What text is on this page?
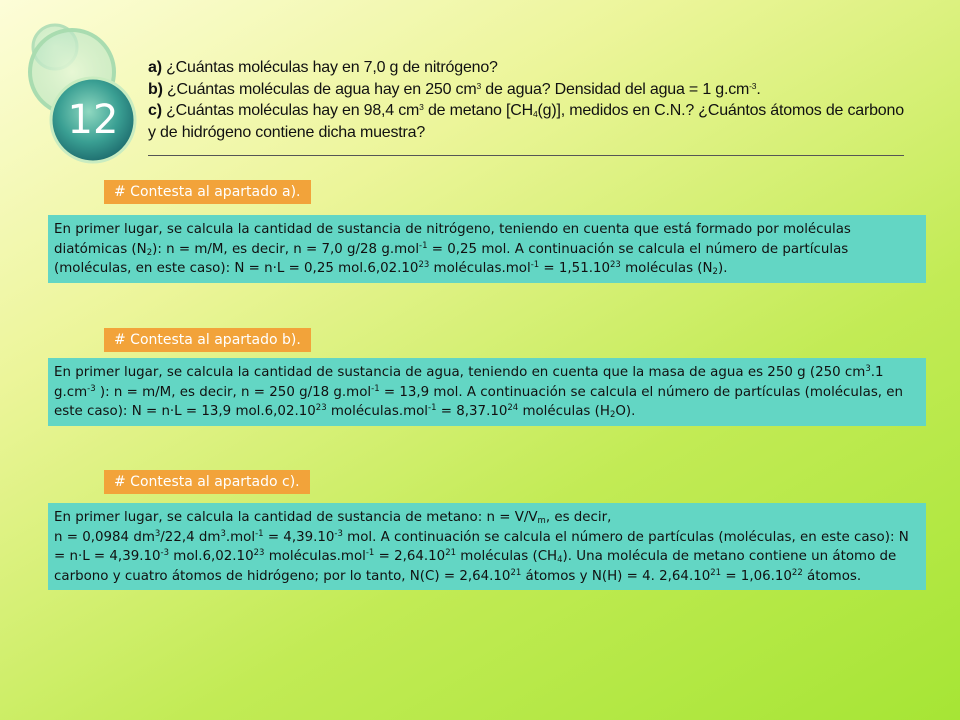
12

a) ¿Cuántas moléculas hay en 7,0 g de nitrógeno?

b) ¿Cuántas moléculas de agua hay en 250 $cm^3$ de agua? Densidad del agua = 1 $g.cm^{-3}$.

c) ¿Cuántas moléculas hay en 98,4 $cm^3$ de metano $[CH_4(g)]$, medidos en C.N.? ¿Cuántos átomos de carbono y de hidrógeno contiene dicha muestra?

# Contesta al apartado a).

En primer lugar, se calcula la cantidad de sustancia de nitrógeno, teniendo en cuenta que está formado por moléculas diatómicas $(N_2)$: n = m/M, es decir, n = 7,0 g/28 g.mol$^{-1}$ = 0,25 mol. A continuación se calcula el número de partículas (moléculas, en este caso): N = n·L = 0,25 mol.6,02.10$^{23}$ moléculas.mol$^{-1}$ = $1,51.10^{23}$ moléculas $(N_2)$.

# Contesta al apartado b).

En primer lugar, se calcula la cantidad de sustancia de agua, teniendo en cuenta que la masa de agua es 250 g (250 $cm^3.1$ $g.cm^{-3}$ ): n = m/M, es decir, n = 250 g/18 g.mol$^{-1}$ = 13,9 mol. A continuación se calcula el número de partículas (moléculas, en este caso): N = n·L = 13,9 mol.6,02.10$^{23}$ moléculas.mol$^{-1}$ = $8,37.10^{24}$ moléculas $(H_2O)$.

# Contesta al apartado c).

En primer lugar, se calcula la cantidad de sustancia de metano: $n = V/V_m$, es decir,

n = 0,0984 $dm^3/22,4$ $dm^3.mol^{-1} = 4,39.10^{-3}$ mol. A continuación se calcula el número de partículas (moléculas, en este caso): $N = n\cdot L = 4,39.10^{-3}$ mol.6,02.10$^{23}$ moléculas.mol$^{-1}$ = $2,64.10^{21}$ moléculas $(CH_4)$. Una molécula de metano contiene un átomo de carbono y cuatro átomos de hidrógeno; por lo tanto, $N(C) = 2,64.10^{21}$ átomos y N(H) = 4. $2,64.10^{21} = 1,06.10^{22}$ átomos.
